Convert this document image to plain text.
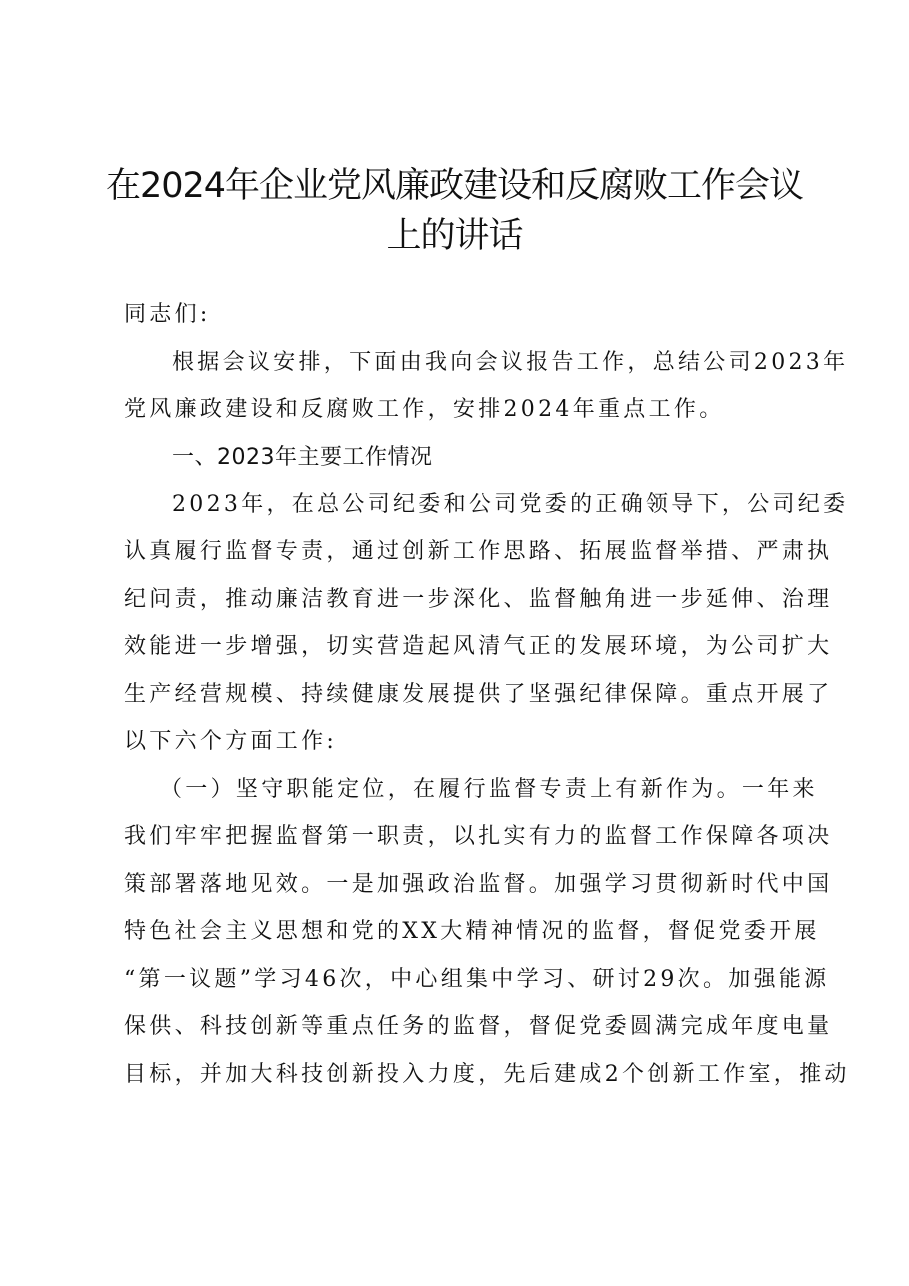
在2024年企业党风廉政建设和反腐败工作会议
上的讲话

同志们:

根据会议安排，下面由我向会议报告工作，总结公司2023年

党风廉政建设和反腐败工作，安排2024年重点工作。

一、2023年主要工作情况

2023年，在总公司纪委和公司党委的正确领导下，公司纪委

认真履行监督专责，通过创新工作思路、拓展监督举措、严肃执

纪问责，推动廉洁教育进一步深化、监督触角进一步延伸、治理

效能进一步增强，切实营造起风清气正的发展环境，为公司扩大

生产经营规模、持续健康发展提供了坚强纪律保障。重点开展了

以下六个方面工作:

（一）坚守职能定位，在履行监督专责上有新作为。一年来

我们牢牢把握监督第一职责，以扎实有力的监督工作保障各项决

策部署落地见效。一是加强政治监督。加强学习贯彻新时代中国

特色社会主义思想和党的XX大精神情况的监督，督促党委开展

“第一议题”学习46次，中心组集中学习、研讨29次。加强能源

保供、科技创新等重点任务的监督，督促党委圆满完成年度电量

目标，并加大科技创新投入力度，先后建成2个创新工作室，推动
